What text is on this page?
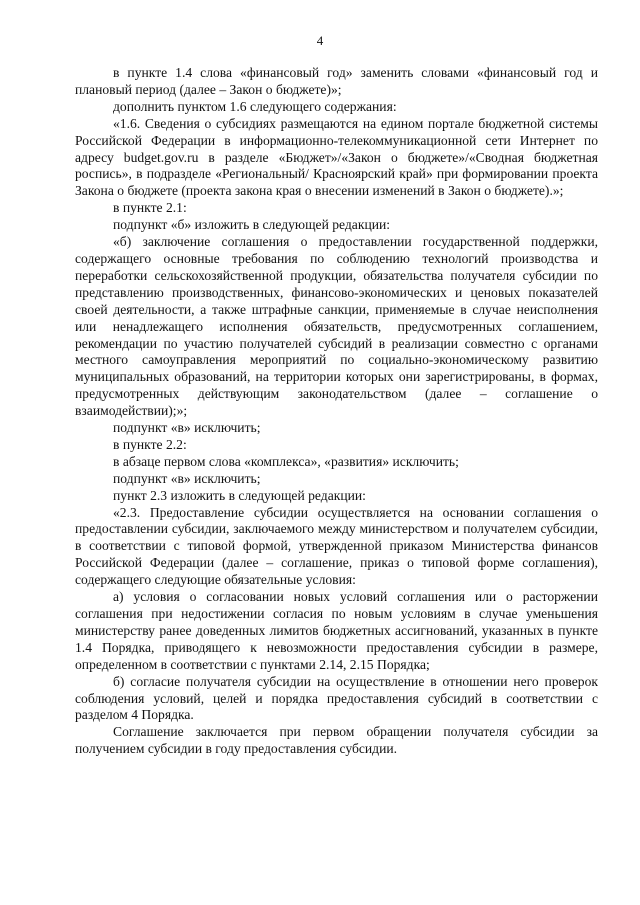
4

в пункте 1.4 слова «финансовый год» заменить словами «финансовый год и плановый период (далее – Закон о бюджете)»;

дополнить пунктом 1.6 следующего содержания:

«1.6. Сведения о субсидиях размещаются на едином портале бюджетной системы Российской Федерации в информационно-телекоммуникационной сети Интернет по адресу budget.gov.ru в разделе «Бюджет»/«Закон о бюджете»/«Сводная бюджетная роспись», в подразделе «Региональный/ Красноярский край» при формировании проекта Закона о бюджете (проекта закона края о внесении изменений в Закон о бюджете).»;

в пункте 2.1:

подпункт «б» изложить в следующей редакции:

«б) заключение соглашения о предоставлении государственной поддержки, содержащего основные требования по соблюдению технологий производства и переработки сельскохозяйственной продукции, обязательства получателя субсидии по представлению производственных, финансово-экономических и ценовых показателей своей деятельности, а также штрафные санкции, применяемые в случае неисполнения или ненадлежащего исполнения обязательств, предусмотренных соглашением, рекомендации по участию получателей субсидий в реализации совместно с органами местного самоуправления мероприятий по социально-экономическому развитию муниципальных образований, на территории которых они зарегистрированы, в формах, предусмотренных действующим законодательством (далее – соглашение о взаимодействии);»;

подпункт «в» исключить;

в пункте 2.2:

в абзаце первом слова «комплекса», «развития» исключить;

подпункт «в» исключить;

пункт 2.3 изложить в следующей редакции:

«2.3. Предоставление субсидии осуществляется на основании соглашения о предоставлении субсидии, заключаемого между министерством и получателем субсидии, в соответствии с типовой формой, утвержденной приказом Министерства финансов Российской Федерации (далее – соглашение, приказ о типовой форме соглашения), содержащего следующие обязательные условия:

а) условия о согласовании новых условий соглашения или о расторжении соглашения при недостижении согласия по новым условиям в случае уменьшения министерству ранее доведенных лимитов бюджетных ассигнований, указанных в пункте 1.4 Порядка, приводящего к невозможности предоставления субсидии в размере, определенном в соответствии с пунктами 2.14, 2.15 Порядка;

б) согласие получателя субсидии на осуществление в отношении него проверок соблюдения условий, целей и порядка предоставления субсидий в соответствии с разделом 4 Порядка.

Соглашение заключается при первом обращении получателя субсидии за получением субсидии в году предоставления субсидии.
